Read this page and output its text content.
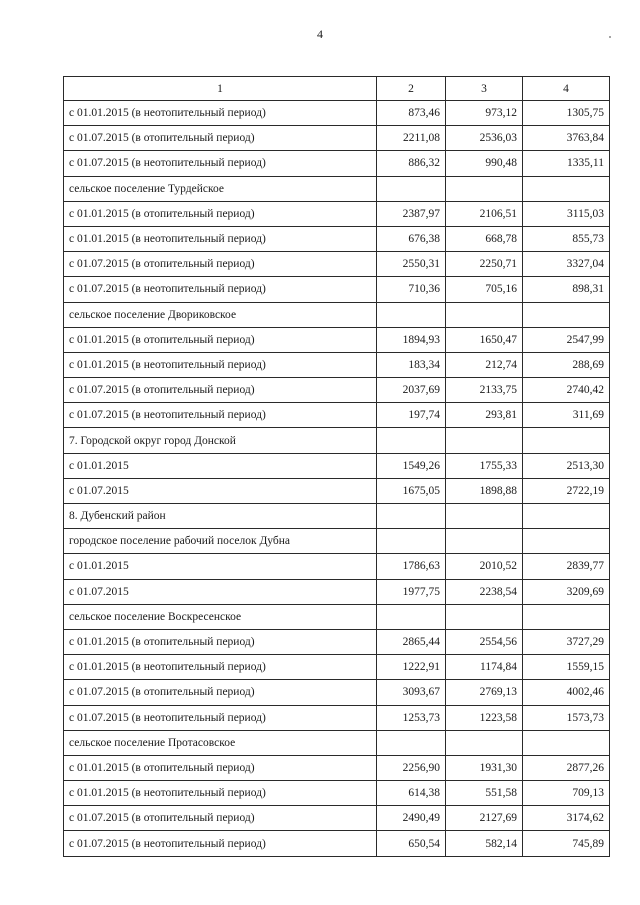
4
1	2	3	4
с 01.01.2015 (в неотопительный период)	873,46	973,12	1305,75
с 01.07.2015 (в отопительный период)	2211,08	2536,03	3763,84
с 01.07.2015 (в неотопительный период)	886,32	990,48	1335,11
сельское поселение Турдейское			
с 01.01.2015 (в отопительный период)	2387,97	2106,51	3115,03
с 01.01.2015 (в неотопительный период)	676,38	668,78	855,73
с 01.07.2015 (в отопительный период)	2550,31	2250,71	3327,04
с 01.07.2015 (в неотопительный период)	710,36	705,16	898,31
сельское поселение Двориковское			
с 01.01.2015 (в отопительный период)	1894,93	1650,47	2547,99
с 01.01.2015 (в неотопительный период)	183,34	212,74	288,69
с 01.07.2015 (в отопительный период)	2037,69	2133,75	2740,42
с 01.07.2015 (в неотопительный период)	197,74	293,81	311,69
7. Городской округ город Донской			
с 01.01.2015	1549,26	1755,33	2513,30
с 01.07.2015	1675,05	1898,88	2722,19
8. Дубенский район			
городское поселение рабочий поселок Дубна			
с 01.01.2015	1786,63	2010,52	2839,77
с 01.07.2015	1977,75	2238,54	3209,69
сельское поселение Воскресенское			
с 01.01.2015 (в отопительный период)	2865,44	2554,56	3727,29
с 01.01.2015 (в неотопительный период)	1222,91	1174,84	1559,15
с 01.07.2015 (в отопительный период)	3093,67	2769,13	4002,46
с 01.07.2015 (в неотопительный период)	1253,73	1223,58	1573,73
сельское поселение Протасовское			
с 01.01.2015 (в отопительный период)	2256,90	1931,30	2877,26
с 01.01.2015 (в неотопительный период)	614,38	551,58	709,13
с 01.07.2015 (в отопительный период)	2490,49	2127,69	3174,62
с 01.07.2015 (в неотопительный период)	650,54	582,14	745,89
